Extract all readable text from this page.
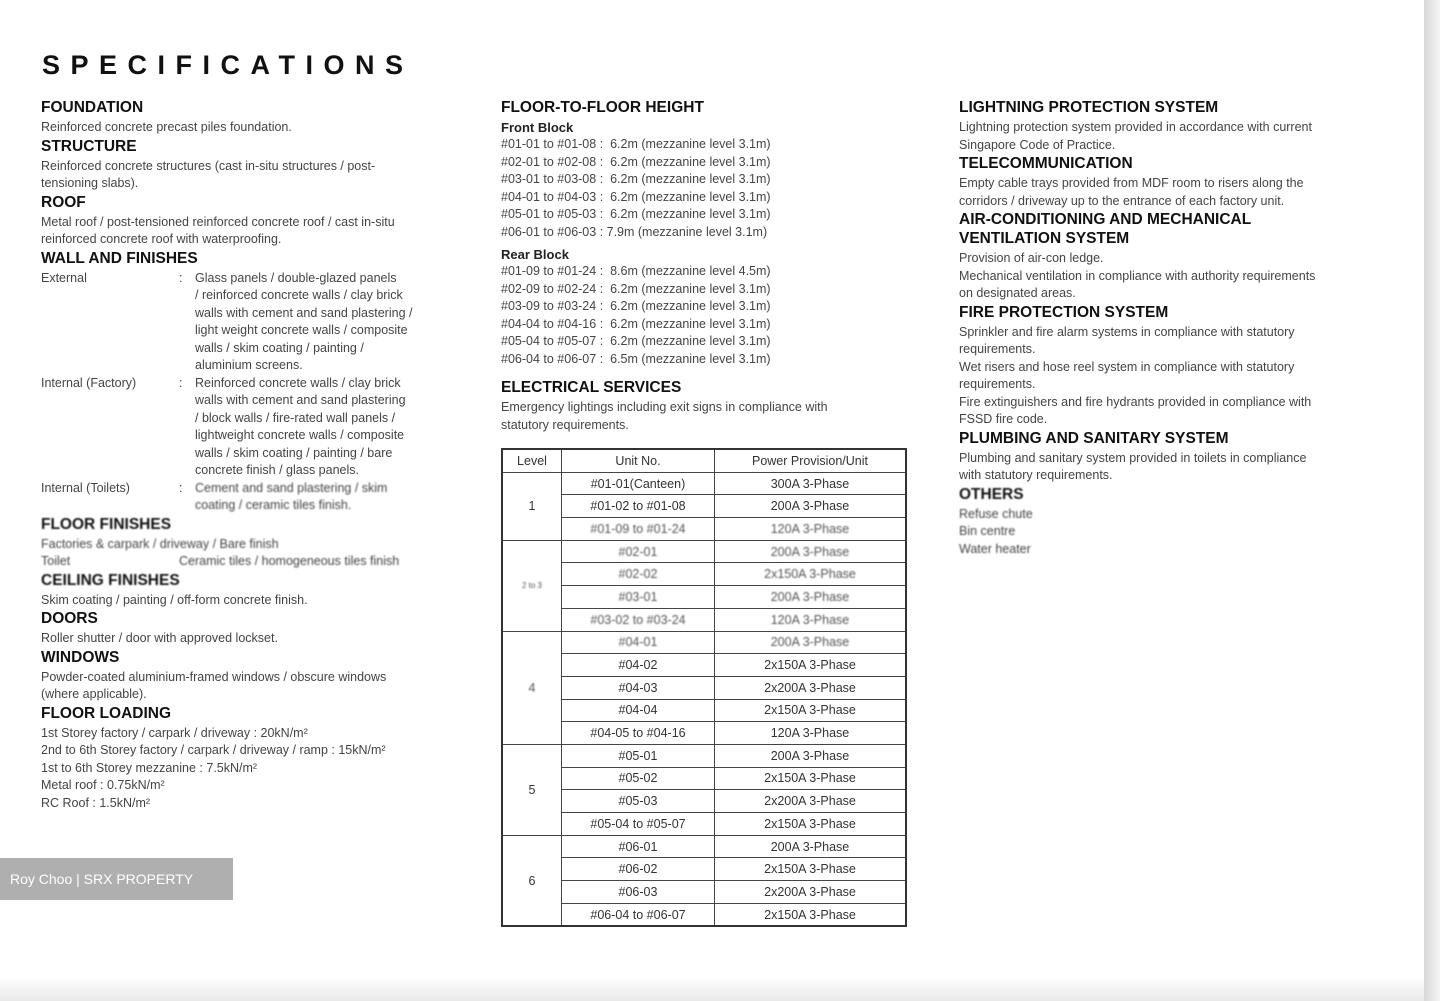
SPECIFICATIONS
FOUNDATION

Reinforced concrete precast piles foundation.

STRUCTURE

Reinforced concrete structures (cast in-situ structures / post-
tensioning slabs).

ROOF

Metal roof / post-tensioned reinforced concrete roof / cast in-situ
reinforced concrete roof with waterproofing.

WALL AND FINISHES
External	:	Glass panels / double-glazed panels
/ reinforced concrete walls / clay brick
walls with cement and sand plastering /
light weight concrete walls / composite
walls / skim coating / painting /
aluminium screens.
Internal (Factory)	:	Reinforced concrete walls / clay brick
walls with cement and sand plastering
/ block walls / fire-rated wall panels /
lightweight concrete walls / composite
walls / skim coating / painting / bare
concrete finish / glass panels.
Internal (Toilets)	:	Cement and sand plastering / skim
coating / ceramic tiles finish.
FLOOR FINISHES

Factories & carpark / driveway / Bare finish

Toilet	Ceramic tiles / homogeneous tiles finish
CEILING FINISHES

Skim coating / painting / off-form concrete finish.

DOORS

Roller shutter / door with approved lockset.

WINDOWS

Powder-coated aluminium-framed windows / obscure windows
(where applicable).

FLOOR LOADING
1st Storey factory / carpark / driveway : 20kN/m²
2nd to 6th Storey factory / carpark / driveway / ramp : 15kN/m²
1st to 6th Storey mezzanine : 7.5kN/m²
Metal roof : 0.75kN/m²
RC Roof : 1.5kN/m²
FLOOR-TO-FLOOR HEIGHT
Front Block
#01-01 to #01-08 :  6.2m (mezzanine level 3.1m)
#02-01 to #02-08 :  6.2m (mezzanine level 3.1m)
#03-01 to #03-08 :  6.2m (mezzanine level 3.1m)
#04-01 to #04-03 :  6.2m (mezzanine level 3.1m)
#05-01 to #05-03 :  6.2m (mezzanine level 3.1m)
#06-01 to #06-03 : 7.9m (mezzanine level 3.1m)
Rear Block
#01-09 to #01-24 :  8.6m (mezzanine level 4.5m)
#02-09 to #02-24 :  6.2m (mezzanine level 3.1m)
#03-09 to #03-24 :  6.2m (mezzanine level 3.1m)
#04-04 to #04-16 :  6.2m (mezzanine level 3.1m)
#05-04 to #05-07 :  6.2m (mezzanine level 3.1m)
#06-04 to #06-07 :  6.5m (mezzanine level 3.1m)
ELECTRICAL SERVICES

Emergency lightings including exit signs in compliance with
statutory requirements.

Level	Unit No.	Power Provision/Unit
1	#01-01(Canteen)	300A 3-Phase
	#01-02 to #01-08	200A 3-Phase
	#01-09 to #01-24	120A 3-Phase
2 to 3	#02-01	200A 3-Phase
	#02-02	2x150A 3-Phase
	#03-01	200A 3-Phase
	#03-02 to #03-24	120A 3-Phase
4	#04-01	200A 3-Phase
	#04-02	2x150A 3-Phase
	#04-03	2x200A 3-Phase
	#04-04	2x150A 3-Phase
	#04-05 to #04-16	120A 3-Phase
5	#05-01	200A 3-Phase
	#05-02	2x150A 3-Phase
	#05-03	2x200A 3-Phase
	#05-04 to #05-07	2x150A 3-Phase
6	#06-01	200A 3-Phase
	#06-02	2x150A 3-Phase
	#06-03	2x200A 3-Phase
	#06-04 to #06-07	2x150A 3-Phase
LIGHTNING PROTECTION SYSTEM

Lightning protection system provided in accordance with current
Singapore Code of Practice.

TELECOMMUNICATION

Empty cable trays provided from MDF room to risers along the
corridors / driveway up to the entrance of each factory unit.

AIR-CONDITIONING AND MECHANICAL
VENTILATION SYSTEM

Provision of air-con ledge.
Mechanical ventilation in compliance with authority requirements
on designated areas.

FIRE PROTECTION SYSTEM

Sprinkler and fire alarm systems in compliance with statutory
requirements.
Wet risers and hose reel system in compliance with statutory
requirements.
Fire extinguishers and fire hydrants provided in compliance with
FSSD fire code.

PLUMBING AND SANITARY SYSTEM

Plumbing and sanitary system provided in toilets in compliance
with statutory requirements.

OTHERS

Refuse chute
Bin centre
Water heater

Roy Choo | SRX PROPERTY
